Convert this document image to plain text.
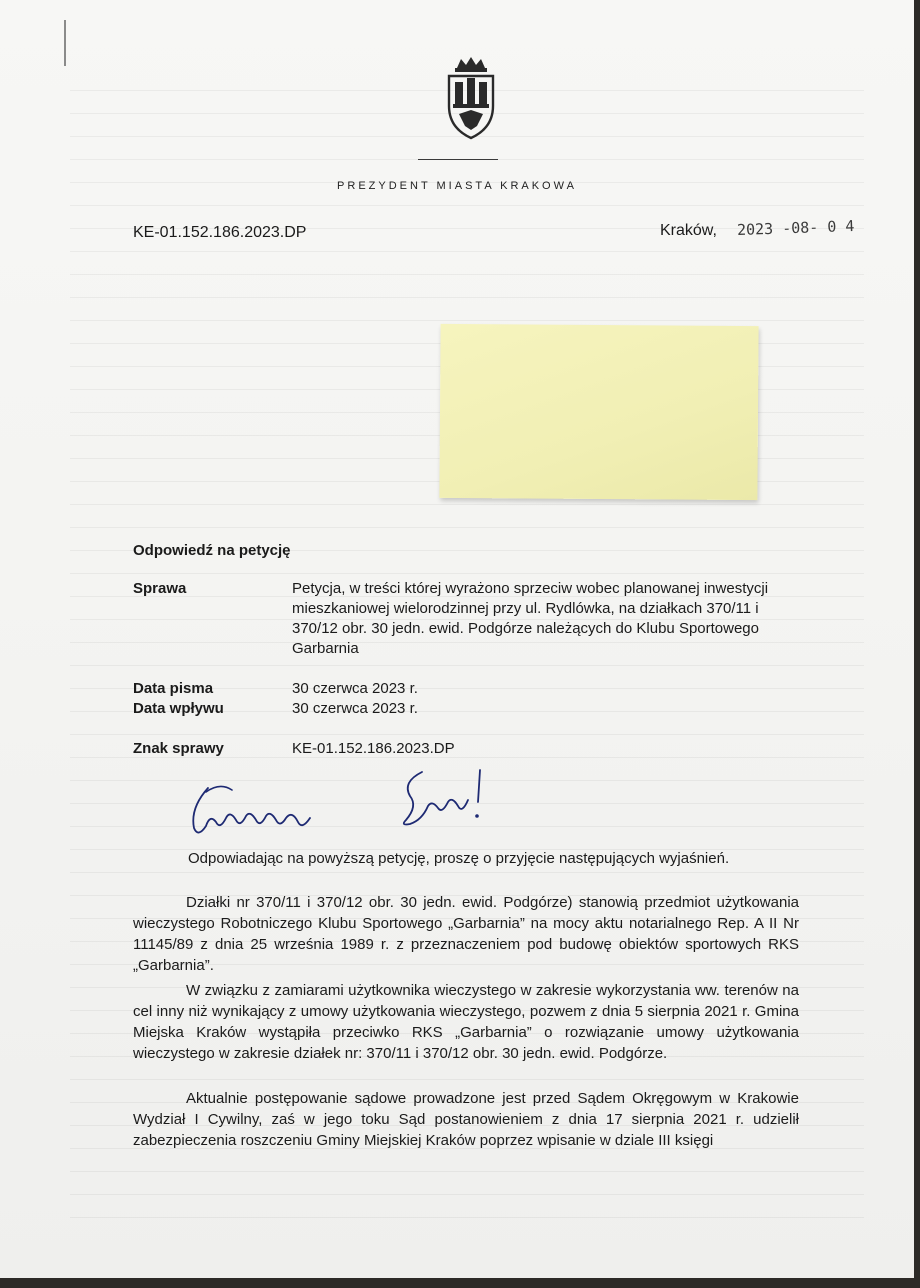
PREZYDENT MIASTA KRAKOWA
KE-01.152.186.2023.DP	Kraków, 2023 -08- 0 4
Odpowiedź na petycję
Sprawa	Petycja, w treści której wyrażono sprzeciw wobec planowanej inwestycji mieszkaniowej wielorodzinnej przy ul. Rydlówka, na działkach 370/11 i 370/12 obr. 30 jedn. ewid. Podgórze należących do Klubu Sportowego Garbarnia
Data pisma	30 czerwca 2023 r.
Data wpływu	30 czerwca 2023 r.
Znak sprawy	KE-01.152.186.2023.DP
Odpowiadając na powyższą petycję, proszę o przyjęcie następujących wyjaśnień.
Działki nr 370/11 i 370/12 obr. 30 jedn. ewid. Podgórze) stanowią przedmiot użytkowania wieczystego Robotniczego Klubu Sportowego „Garbarnia” na mocy aktu notarialnego Rep. A II Nr 11145/89 z dnia 25 września 1989 r. z przeznaczeniem pod budowę obiektów sportowych RKS „Garbarnia”.
W związku z zamiarami użytkownika wieczystego w zakresie wykorzystania ww. terenów na cel inny niż wynikający z umowy użytkowania wieczystego, pozwem z dnia 5 sierpnia 2021 r. Gmina Miejska Kraków wystąpiła przeciwko RKS „Garbarnia” o rozwiązanie umowy użytkowania wieczystego w zakresie działek nr: 370/11 i 370/12 obr. 30 jedn. ewid. Podgórze.
Aktualnie postępowanie sądowe prowadzone jest przed Sądem Okręgowym w Krakowie Wydział I Cywilny, zaś w jego toku Sąd postanowieniem z dnia 17 sierpnia 2021 r. udzielił zabezpieczenia roszczeniu Gminy Miejskiej Kraków poprzez wpisanie w dziale III księgi
